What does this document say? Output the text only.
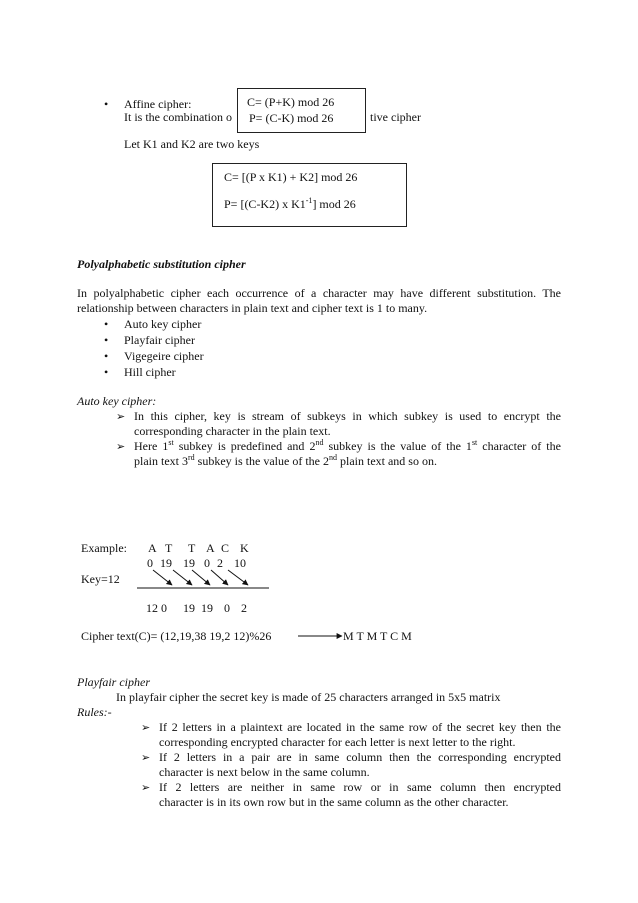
•
Affine cipher:
It is the combination o	tive cipher
C= (P+K) mod 26
P= (C-K) mod 26
Let K1 and K2 are two keys
C= [(P x K1) + K2] mod 26
P= [(C-K2) x $K1^{-1}$] mod 26
Polyalphabetic substitution cipher
In polyalphabetic cipher each occurrence of a character may have different substitution. The
relationship between characters in plain text and cipher text is 1 to many.
•
Auto key cipher
•
Playfair cipher
•
Vigegeire cipher
•
Hill cipher
Auto key cipher:
➢
In this cipher, key is stream of subkeys in which subkey is used to encrypt the
corresponding character in the plain text.
➢
Here 1st subkey is predefined and 2nd subkey is the value of the 1st character of the
plain text 3rd subkey is the value of the 2nd plain text and so on.
Example: A T T A C K
0 19 19 0 2 10
Key=12
12 0 19 19 0 2
Cipher text(C)= (12,19,38 19,2 12)%26	M T M T C M
Playfair cipher
In playfair cipher the secret key is made of 25 characters arranged in 5x5 matrix
Rules:-
➢
If 2 letters in a plaintext are located in the same row of the secret key then the
corresponding encrypted character for each letter is next letter to the right.
➢
If 2 letters in a pair are in same column then the corresponding encrypted
character is next below in the same column.
➢
If 2 letters are neither in same row or in same column then encrypted
character is in its own row but in the same column as the other character.
